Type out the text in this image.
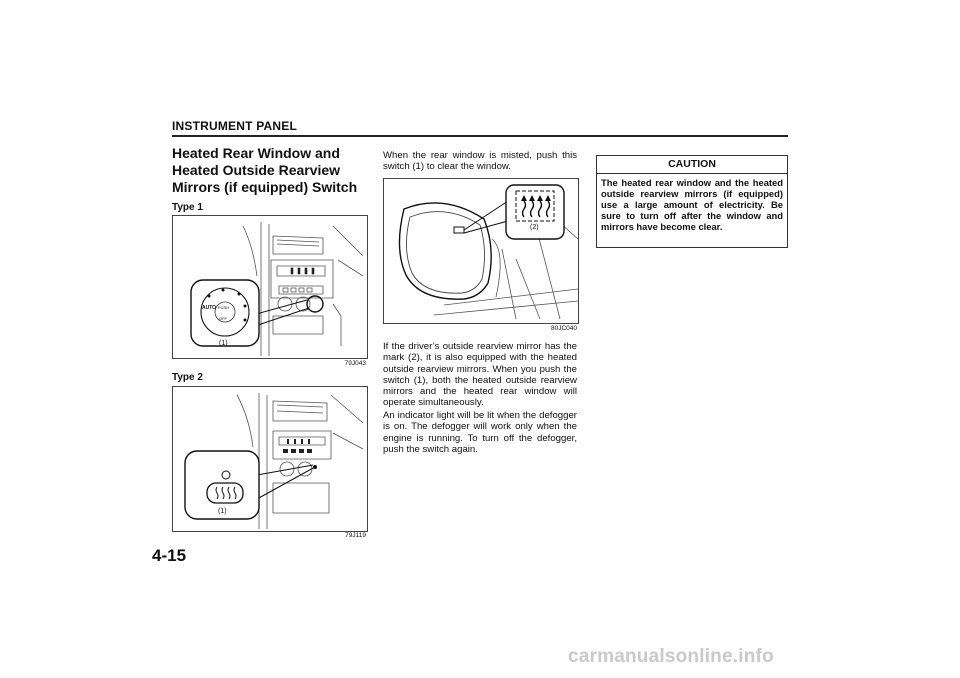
INSTRUMENT PANEL
4-15
Heated Rear Window and Heated Outside Rearview Mirrors (if equipped) Switch
Type 1
AUTO PUSH
OFF
(1)
79J043
Type 2
(1)
79J119
When the rear window is misted, push this switch (1) to clear the window.
(2)
80JC040
If the driver’s outside rearview mirror has the mark (2), it is also equipped with the heated outside rearview mirrors. When you push the switch (1), both the heated outside rearview mirrors and the heated rear window will operate simultaneously.
An indicator light will be lit when the defogger is on. The defogger will work only when the engine is running. To turn off the defogger, push the switch again.
CAUTION
The heated rear window and the heated outside rearview mirrors (if equipped) use a large amount of electricity. Be sure to turn off after the window and mirrors have become clear.
carmanualsonline.info
